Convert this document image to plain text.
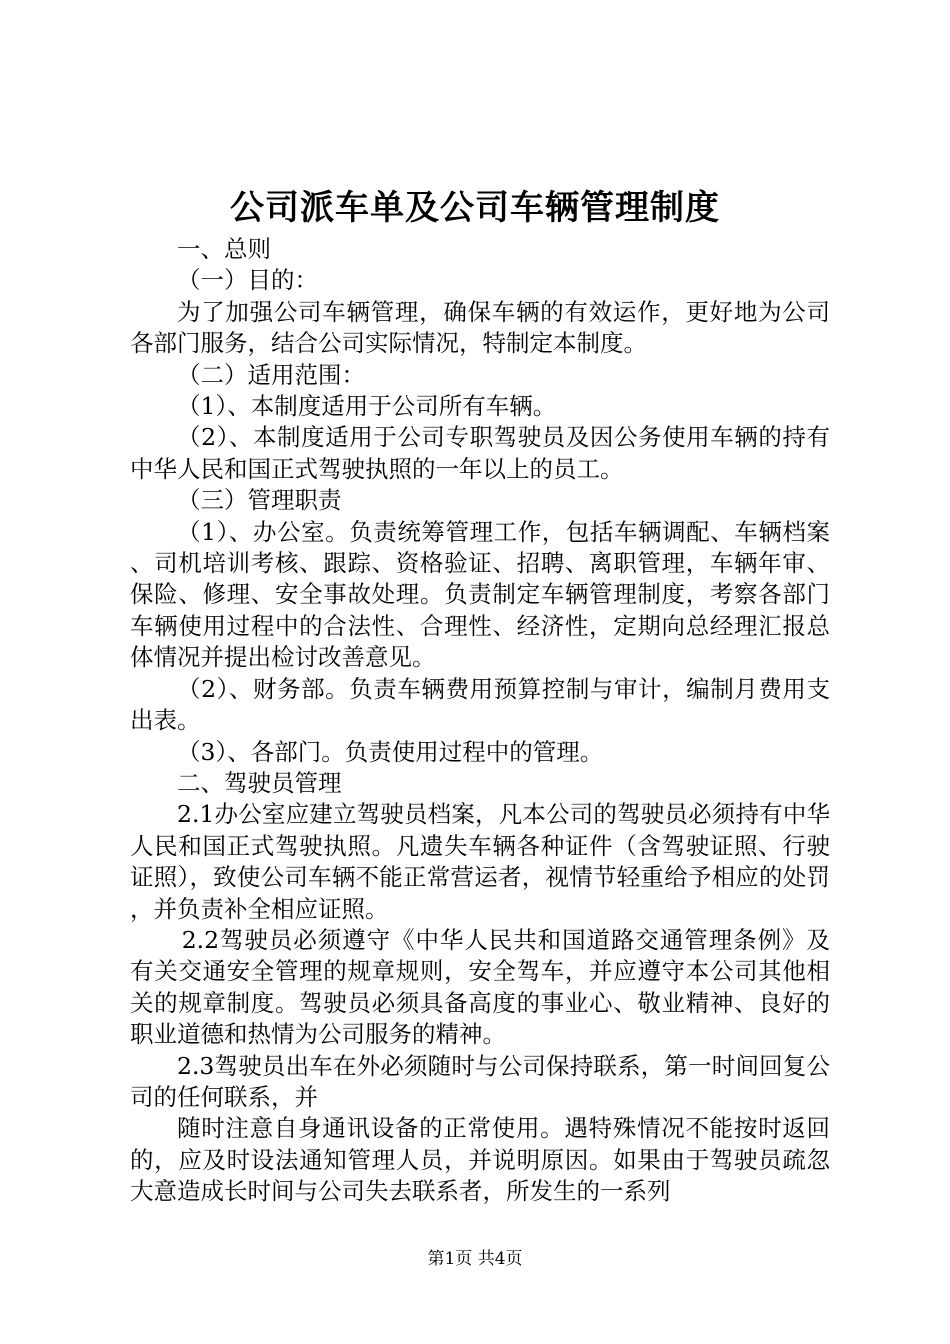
公司派车单及公司车辆管理制度

一、总则

（一）目的：

为了加强公司车辆管理，确保车辆的有效运作，更好地为公司各部门服务，结合公司实际情况，特制定本制度。

（二）适用范围：

（1）、本制度适用于公司所有车辆。

（2）、本制度适用于公司专职驾驶员及因公务使用车辆的持有中华人民和国正式驾驶执照的一年以上的员工。

（三）管理职责

（1）、办公室。负责统筹管理工作，包括车辆调配、车辆档案、司机培训考核、跟踪、资格验证、招聘、离职管理，车辆年审、保险、修理、安全事故处理。负责制定车辆管理制度，考察各部门车辆使用过程中的合法性、合理性、经济性，定期向总经理汇报总体情况并提出检讨改善意见。

（2）、财务部。负责车辆费用预算控制与审计，编制月费用支出表。

（3）、各部门。负责使用过程中的管理。

二、驾驶员管理

2.1办公室应建立驾驶员档案，凡本公司的驾驶员必须持有中华人民和国正式驾驶执照。凡遗失车辆各种证件（含驾驶证照、行驶证照），致使公司车辆不能正常营运者，视情节轻重给予相应的处罚，并负责补全相应证照。

2.2驾驶员必须遵守《中华人民共和国道路交通管理条例》及有关交通安全管理的规章规则，安全驾车，并应遵守本公司其他相关的规章制度。驾驶员必须具备高度的事业心、敬业精神、良好的职业道德和热情为公司服务的精神。

2.3驾驶员出车在外必须随时与公司保持联系，第一时间回复公司的任何联系，并

随时注意自身通讯设备的正常使用。遇特殊情况不能按时返回的，应及时设法通知管理人员，并说明原因。如果由于驾驶员疏忽大意造成长时间与公司失去联系者，所发生的一系列

第1页 共4页
